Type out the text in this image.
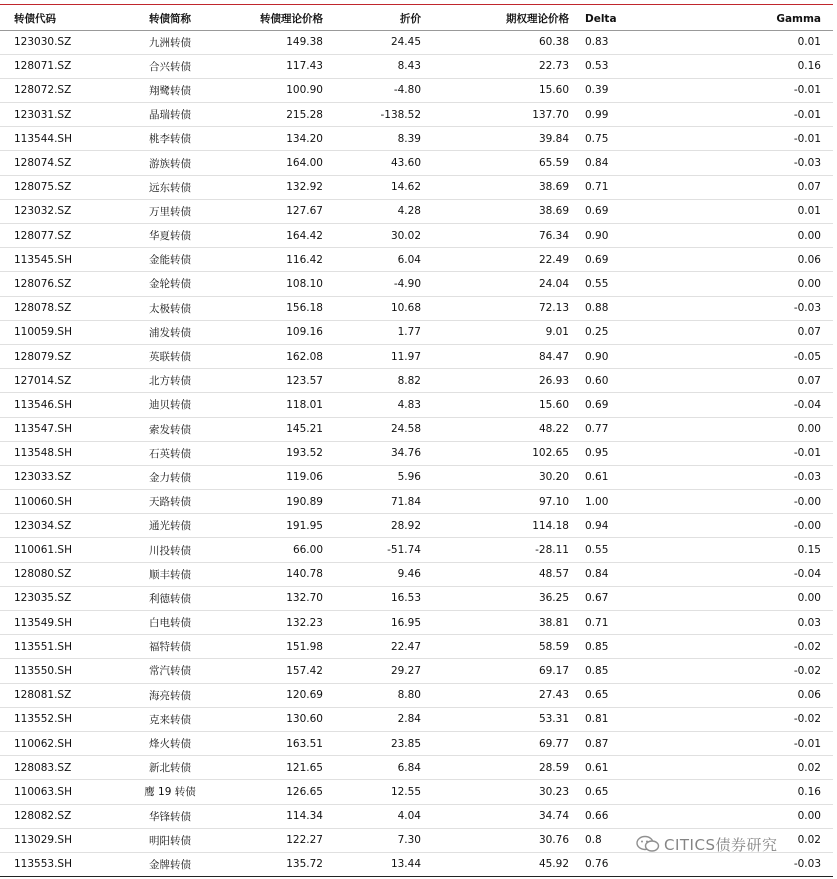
转债代码	转债简称	转债理论价格	折价	期权理论价格	Delta	Gamma
123030.SZ	九洲转债	149.38	24.45	60.38	0.83	0.01
128071.SZ	合兴转债	117.43	8.43	22.73	0.53	0.16
128072.SZ	翔鹭转债	100.90	-4.80	15.60	0.39	-0.01
123031.SZ	晶瑞转债	215.28	-138.52	137.70	0.99	-0.01
113544.SH	桃李转债	134.20	8.39	39.84	0.75	-0.01
128074.SZ	游族转债	164.00	43.60	65.59	0.84	-0.03
128075.SZ	远东转债	132.92	14.62	38.69	0.71	0.07
123032.SZ	万里转债	127.67	4.28	38.69	0.69	0.01
128077.SZ	华夏转债	164.42	30.02	76.34	0.90	0.00
113545.SH	金能转债	116.42	6.04	22.49	0.69	0.06
128076.SZ	金轮转债	108.10	-4.90	24.04	0.55	0.00
128078.SZ	太极转债	156.18	10.68	72.13	0.88	-0.03
110059.SH	浦发转债	109.16	1.77	9.01	0.25	0.07
128079.SZ	英联转债	162.08	11.97	84.47	0.90	-0.05
127014.SZ	北方转债	123.57	8.82	26.93	0.60	0.07
113546.SH	迪贝转债	118.01	4.83	15.60	0.69	-0.04
113547.SH	索发转债	145.21	24.58	48.22	0.77	0.00
113548.SH	石英转债	193.52	34.76	102.65	0.95	-0.01
123033.SZ	金力转债	119.06	5.96	30.20	0.61	-0.03
110060.SH	天路转债	190.89	71.84	97.10	1.00	-0.00
123034.SZ	通光转债	191.95	28.92	114.18	0.94	-0.00
110061.SH	川投转债	66.00	-51.74	-28.11	0.55	0.15
128080.SZ	顺丰转债	140.78	9.46	48.57	0.84	-0.04
123035.SZ	利德转债	132.70	16.53	36.25	0.67	0.00
113549.SH	白电转债	132.23	16.95	38.81	0.71	0.03
113551.SH	福特转债	151.98	22.47	58.59	0.85	-0.02
113550.SH	常汽转债	157.42	29.27	69.17	0.85	-0.02
128081.SZ	海亮转债	120.69	8.80	27.43	0.65	0.06
113552.SH	克来转债	130.60	2.84	53.31	0.81	-0.02
110062.SH	烽火转债	163.51	23.85	69.77	0.87	-0.01
128083.SZ	新北转债	121.65	6.84	28.59	0.61	0.02
110063.SH	鹰 19 转债	126.65	12.55	30.23	0.65	0.16
128082.SZ	华锋转债	114.34	4.04	34.74	0.66	0.00
113029.SH	明阳转债	122.27	7.30	30.76	0.8	0.02
113553.SH	金牌转债	135.72	13.44	45.92	0.76	-0.03
CITICS债券研究
